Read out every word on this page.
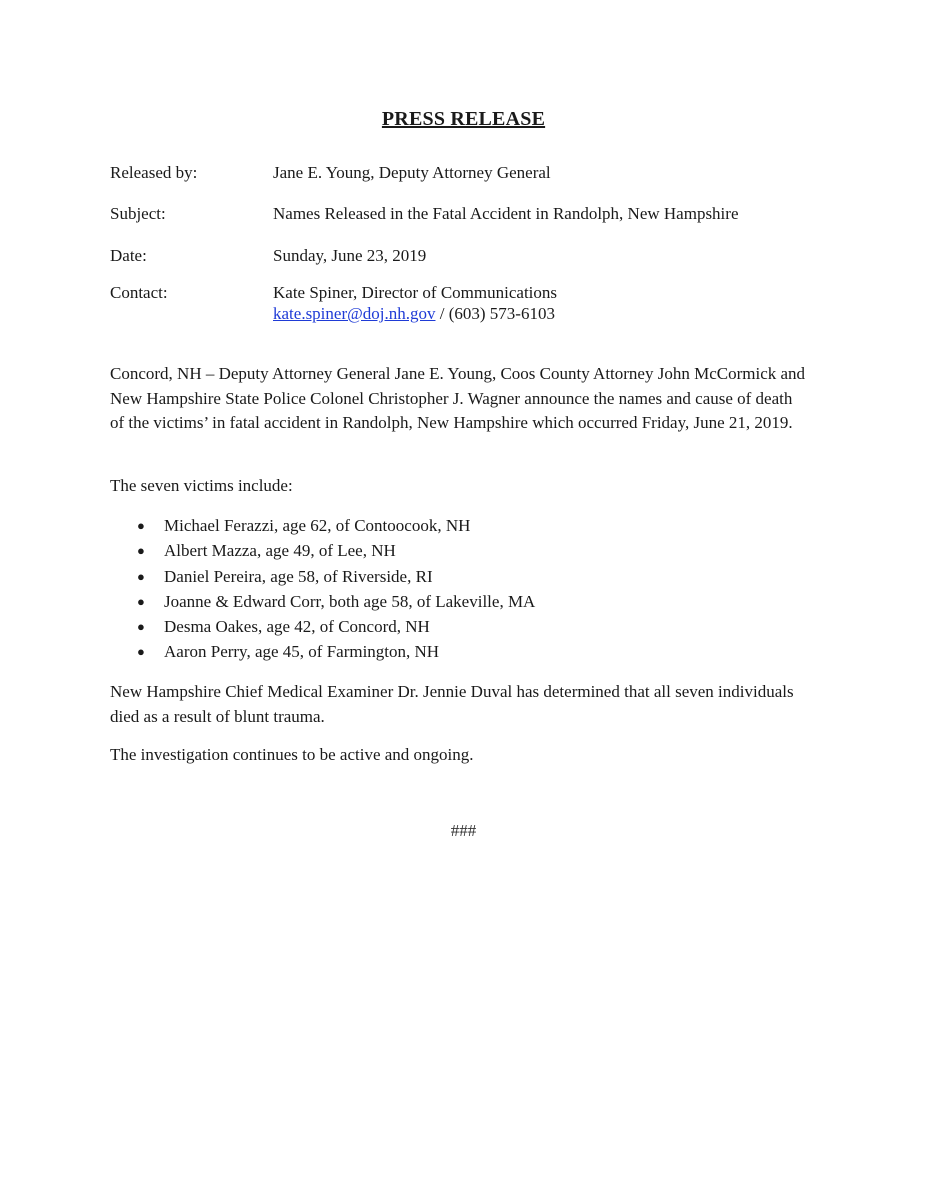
PRESS RELEASE
Released by:	Jane E. Young, Deputy Attorney General
Subject:	Names Released in the Fatal Accident in Randolph, New Hampshire
Date:	Sunday, June 23, 2019
Contact:	Kate Spiner, Director of Communications
kate.spiner@doj.nh.gov / (603) 573-6103

Concord, NH – Deputy Attorney General Jane E. Young, Coos County Attorney John McCormick and New Hampshire State Police Colonel Christopher J. Wagner announce the names and cause of death of the victims’ in fatal accident in Randolph, New Hampshire which occurred Friday, June 21, 2019.

The seven victims include:

● Michael Ferazzi, age 62, of Contoocook, NH
● Albert Mazza, age 49, of Lee, NH
● Daniel Pereira, age 58, of Riverside, RI
● Joanne & Edward Corr, both age 58, of Lakeville, MA
● Desma Oakes, age 42, of Concord, NH
● Aaron Perry, age 45, of Farmington, NH

New Hampshire Chief Medical Examiner Dr. Jennie Duval has determined that all seven individuals died as a result of blunt trauma.

The investigation continues to be active and ongoing.

###
